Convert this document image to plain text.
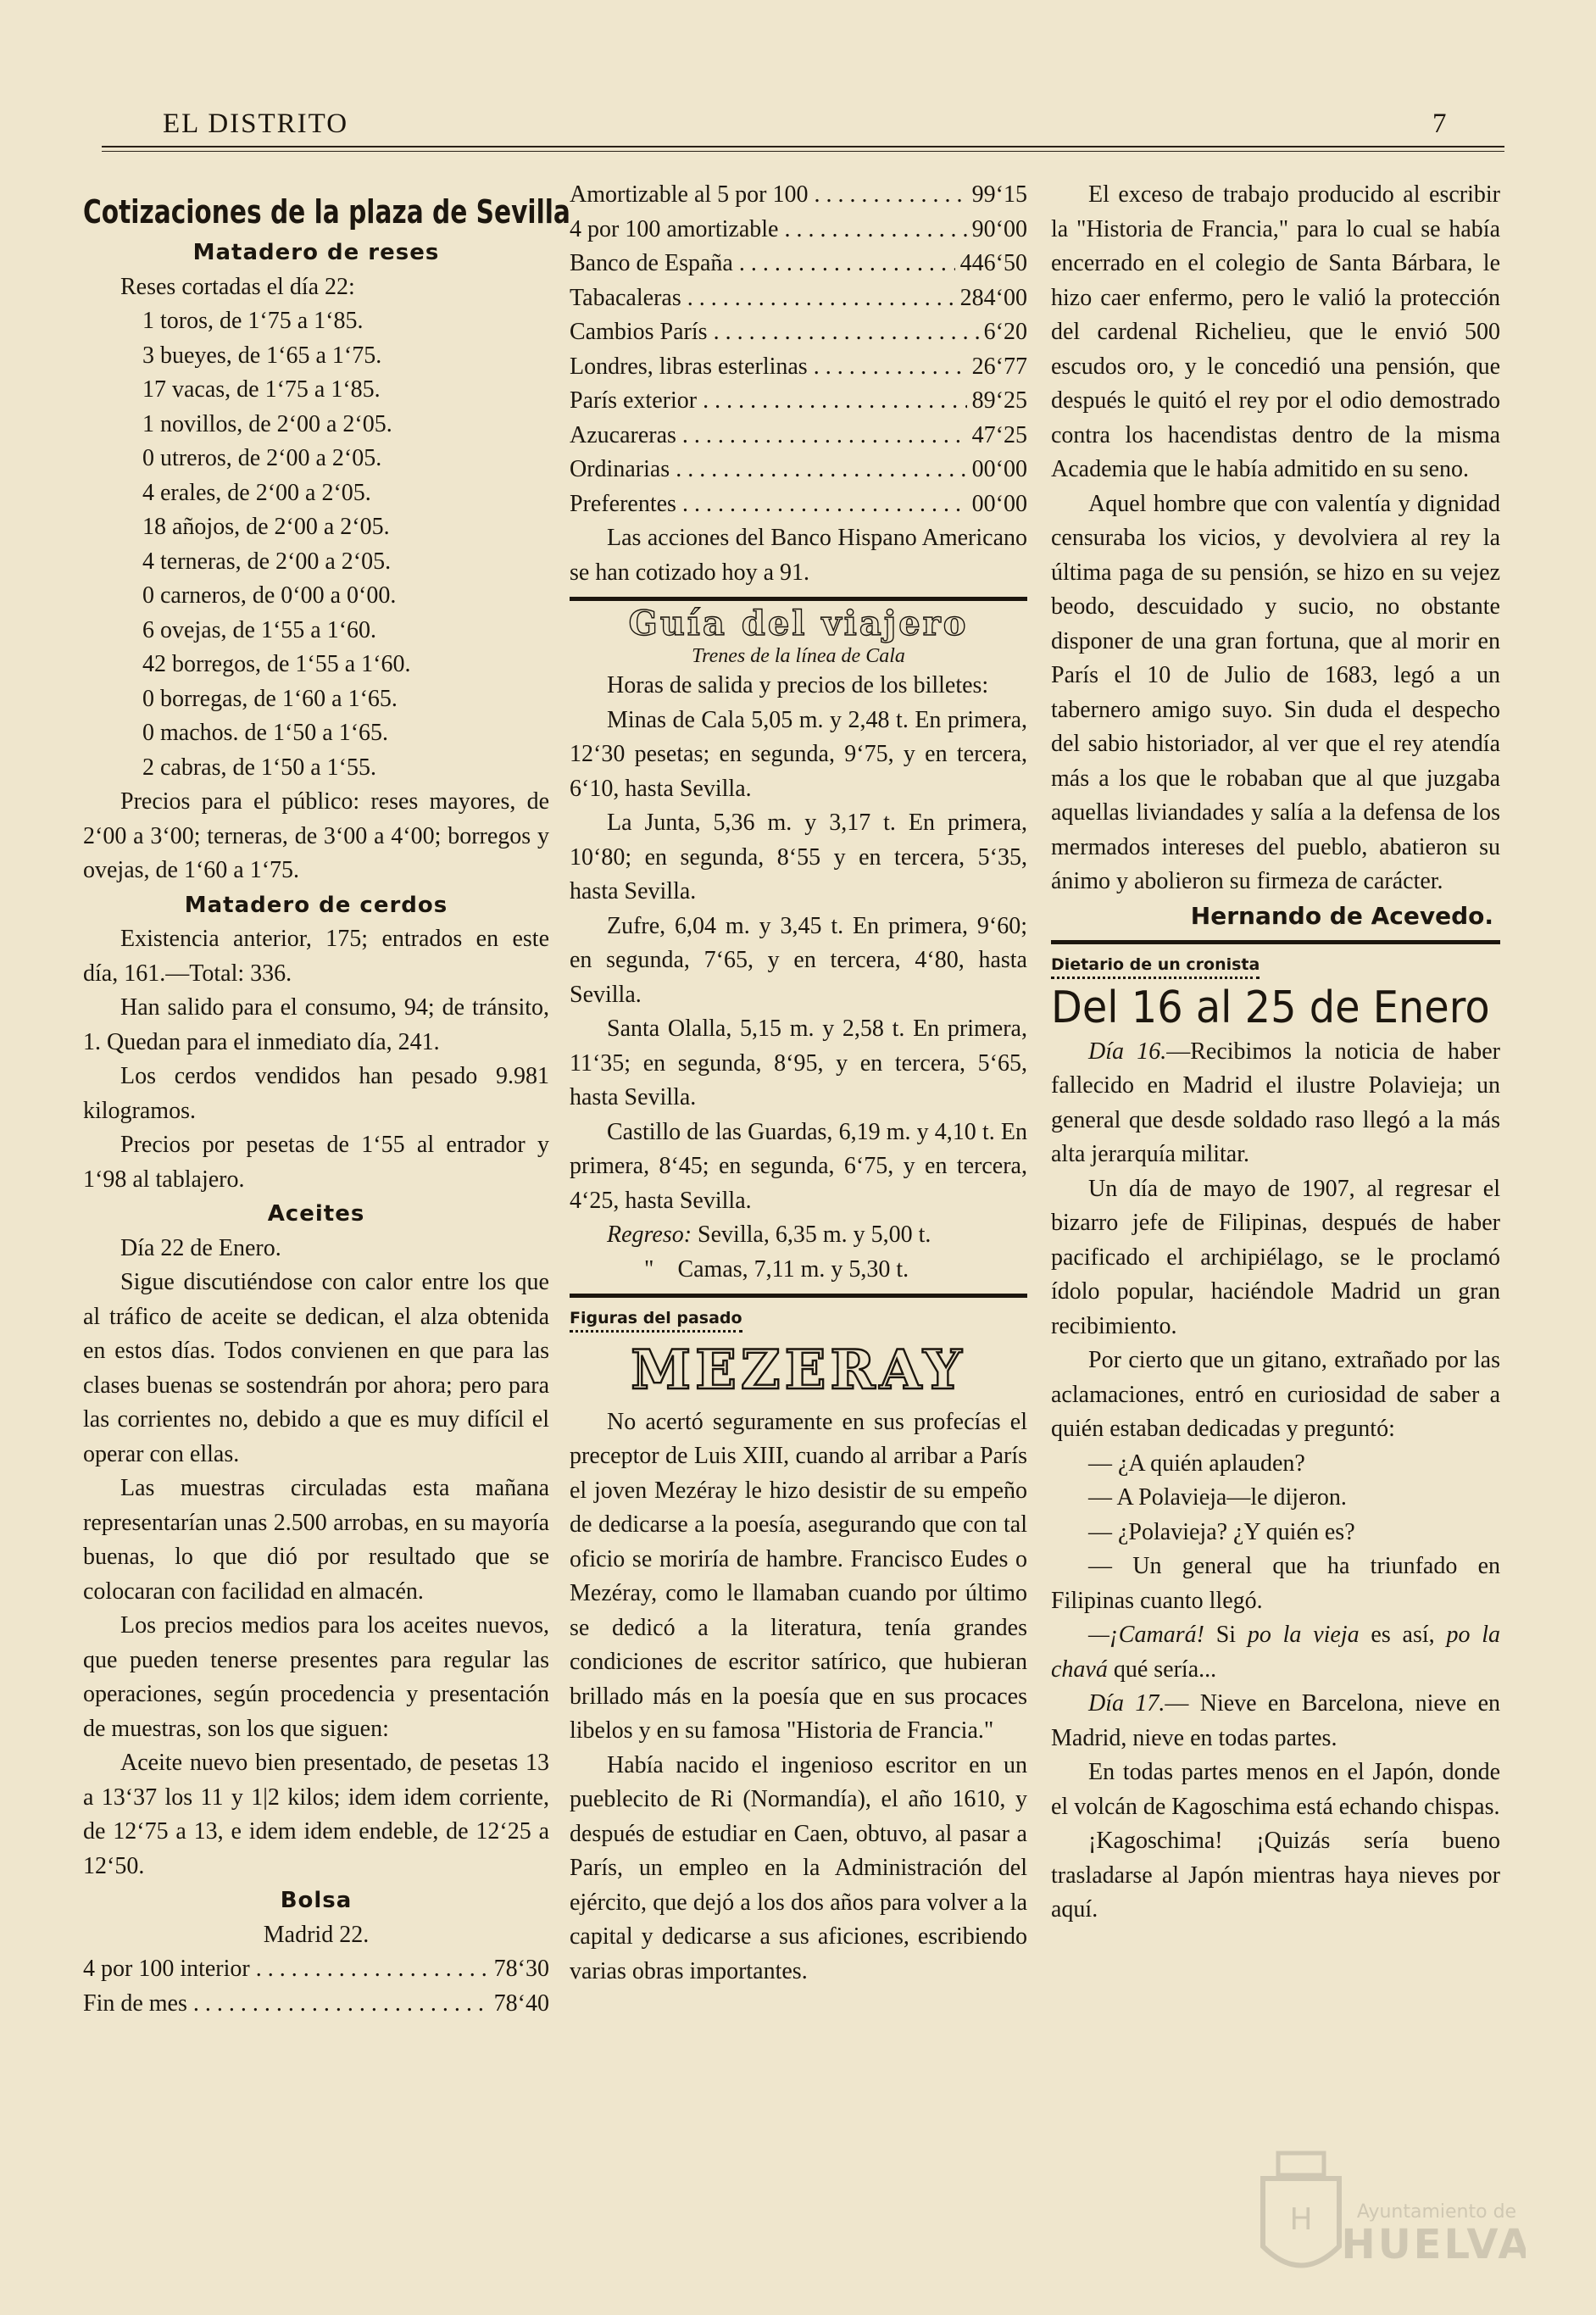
EL DISTRITO	7

Cotizaciones de la plaza de Sevilla

Matadero de reses

Reses cortadas el día 22:

1 toros, de 1‘75 a 1‘85.

3 bueyes, de 1‘65 a 1‘75.

17 vacas, de 1‘75 a 1‘85.

1 novillos, de 2‘00 a 2‘05.

0 utreros, de 2‘00 a 2‘05.

4 erales, de 2‘00 a 2‘05.

18 añojos, de 2‘00 a 2‘05.

4 terneras, de 2‘00 a 2‘05.

0 carneros, de 0‘00 a 0‘00.

6 ovejas, de 1‘55 a 1‘60.

42 borregos, de 1‘55 a 1‘60.

0 borregas, de 1‘60 a 1‘65.

0 machos. de 1‘50 a 1‘65.

2 cabras, de 1‘50 a 1‘55.

Precios para el público: reses mayores, de 2‘00 a 3‘00; terneras, de 3‘00 a 4‘00; borregos y ovejas, de 1‘60 a 1‘75.

Matadero de cerdos

Existencia anterior, 175; entrados en este día, 161.—Total: 336.

Han salido para el consumo, 94; de tránsito, 1. Quedan para el inmediato día, 241.

Los cerdos vendidos han pesado 9.981 kilogramos.

Precios por pesetas de 1‘55 al entrador y 1‘98 al tablajero.

Aceites

Día 22 de Enero.

Sigue discutiéndose con calor entre los que al tráfico de aceite se dedican, el alza obtenida en estos días. Todos convienen en que para las clases buenas se sostendrán por ahora; pero para las corrientes no, debido a que es muy difícil el operar con ellas.

Las muestras circuladas esta mañana representarían unas 2.500 arrobas, en su mayoría buenas, lo que dió por resultado que se colocaran con facilidad en almacén.

Los precios medios para los aceites nuevos, que pueden tenerse presentes para regular las operaciones, según procedencia y presentación de muestras, son los que siguen:

Aceite nuevo bien presentado, de pesetas 13 a 13‘37 los 11 y 1|2 kilos; idem idem corriente, de 12‘75 a 13, e idem idem endeble, de 12‘25 a 12‘50.

Bolsa

Madrid 22.

4 por 100 interior . . .	78‘30
Fin de mes . . .	78‘40
Amortizable al 5 por 100 . . .	99‘15
4 por 100 amortizable . . .	90‘00
Banco de España . . .	446‘50
Tabacaleras . . .	284‘00
Cambios París . . .	6‘20
Londres, libras esterlinas . . .	26‘77
París exterior . . .	89‘25
Azucareras . . .	47‘25
Ordinarias . . .	00‘00
Preferentes . . .	00‘00

Las acciones del Banco Hispano Americano se han cotizado hoy a 91.

Guía del viajero

Trenes de la línea de Cala

Horas de salida y precios de los billetes:

Minas de Cala 5,05 m. y 2,48 t. En primera, 12‘30 pesetas; en segunda, 9‘75, y en tercera, 6‘10, hasta Sevilla.

La Junta, 5,36 m. y 3,17 t. En primera, 10‘80; en segunda, 8‘55 y en tercera, 5‘35, hasta Sevilla.

Zufre, 6,04 m. y 3,45 t. En primera, 9‘60; en segunda, 7‘65, y en tercera, 4‘80, hasta Sevilla.

Santa Olalla, 5,15 m. y 2,58 t. En primera, 11‘35; en segunda, 8‘95, y en tercera, 5‘65, hasta Sevilla.

Castillo de las Guardas, 6,19 m. y 4,10 t. En primera, 8‘45; en segunda, 6‘75, y en tercera, 4‘25, hasta Sevilla.

Regreso: Sevilla, 6,35 m. y 5,00 t.

" Camas, 7,11 m. y 5,30 t.

Figuras del pasado

MEZERAY

No acertó seguramente en sus profecías el preceptor de Luis XIII, cuando al arribar a París el joven Mezéray le hizo desistir de su empeño de dedicarse a la poesía, asegurando que con tal oficio se moriría de hambre. Francisco Eudes o Mezéray, como le llamaban cuando por último se dedicó a la literatura, tenía grandes condiciones de escritor satírico, que hubieran brillado más en la poesía que en sus procaces libelos y en su famosa "Historia de Francia."

Había nacido el ingenioso escritor en un pueblecito de Ri (Normandía), el año 1610, y después de estudiar en Caen, obtuvo, al pasar a París, un empleo en la Administración del ejército, que dejó a los dos años para volver a la capital y dedicarse a sus aficiones, escribiendo varias obras importantes.

El exceso de trabajo producido al escribir la "Historia de Francia," para lo cual se había encerrado en el colegio de Santa Bárbara, le hizo caer enfermo, pero le valió la protección del cardenal Richelieu, que le envió 500 escudos oro, y le concedió una pensión, que después le quitó el rey por el odio demostrado contra los hacendistas dentro de la misma Academia que le había admitido en su seno.

Aquel hombre que con valentía y dignidad censuraba los vicios, y devolviera al rey la última paga de su pensión, se hizo en su vejez beodo, descuidado y sucio, no obstante disponer de una gran fortuna, que al morir en París el 10 de Julio de 1683, legó a un tabernero amigo suyo. Sin duda el despecho del sabio historiador, al ver que el rey atendía más a los que le robaban que al que juzgaba aquellas liviandades y salía a la defensa de los mermados intereses del pueblo, abatieron su ánimo y abolieron su firmeza de carácter.

Hernando de Acevedo.

Dietario de un cronista

Del 16 al 25 de Enero

Día 16.—Recibimos la noticia de haber fallecido en Madrid el ilustre Polavieja; un general que desde soldado raso llegó a la más alta jerarquía militar.

Un día de mayo de 1907, al regresar el bizarro jefe de Filipinas, después de haber pacificado el archipiélago, se le proclamó ídolo popular, haciéndole Madrid un gran recibimiento.

Por cierto que un gitano, extrañado por las aclamaciones, entró en curiosidad de saber a quién estaban dedicadas y preguntó:

— ¿A quién aplauden?

— A Polavieja—le dijeron.

— ¿Polavieja? ¿Y quién es?

— Un general que ha triunfado en Filipinas cuanto llegó.

—¡Camará! Si po la vieja es así, po la chavá qué sería...

Día 17.— Nieve en Barcelona, nieve en Madrid, nieve en todas partes.

En todas partes menos en el Japón, donde el volcán de Kagoschima está echando chispas.

¡Kagoschima! ¡Quizás sería bueno trasladarse al Japón mientras haya nieves por aquí.

H Ayuntamiento de
HUELVA
